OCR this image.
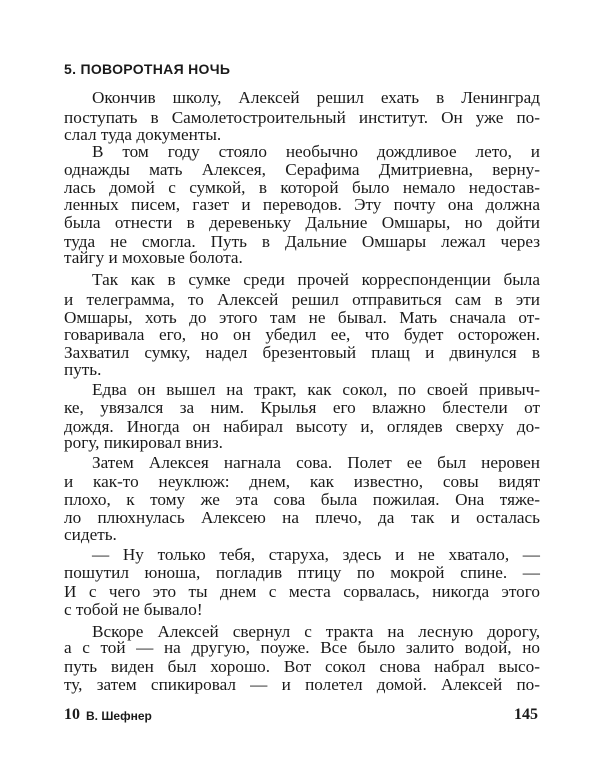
5. ПОВОРОТНАЯ НОЧЬ
Окончив школу, Алексей решил ехать в Ленинград
поступать в Самолетостроительный институт. Он уже по-
слал туда документы.
В том году стояло необычно дождливое лето, и
однажды мать Алексея, Серафима Дмитриевна, верну-
лась домой с сумкой, в которой было немало недостав-
ленных писем, газет и переводов. Эту почту она должна
была отнести в деревеньку Дальние Омшары, но дойти
туда не смогла. Путь в Дальние Омшары лежал через
тайгу и моховые болота.
Так как в сумке среди прочей корреспонденции была
и телеграмма, то Алексей решил отправиться сам в эти
Омшары, хоть до этого там не бывал. Мать сначала от-
говаривала его, но он убедил ее, что будет осторожен.
Захватил сумку, надел брезентовый плащ и двинулся в
путь.
Едва он вышел на тракт, как сокол, по своей привыч-
ке, увязался за ним. Крылья его влажно блестели от
дождя. Иногда он набирал высоту и, оглядев сверху до-
рогу, пикировал вниз.
Затем Алексея нагнала сова. Полет ее был неровен
и как-то неуклюж: днем, как известно, совы видят
плохо, к тому же эта сова была пожилая. Она тяже-
ло плюхнулась Алексею на плечо, да так и осталась
сидеть.
— Ну только тебя, старуха, здесь и не хватало, —
пошутил юноша, погладив птицу по мокрой спине. —
И с чего это ты днем с места сорвалась, никогда этого
с тобой не бывало!
Вскоре Алексей свернул с тракта на лесную дорогу,
а с той — на другую, поуже. Все было залито водой, но
путь виден был хорошо. Вот сокол снова набрал высо-
ту, затем спикировал — и полетел домой. Алексей по-
10 В. Шефнер	145
